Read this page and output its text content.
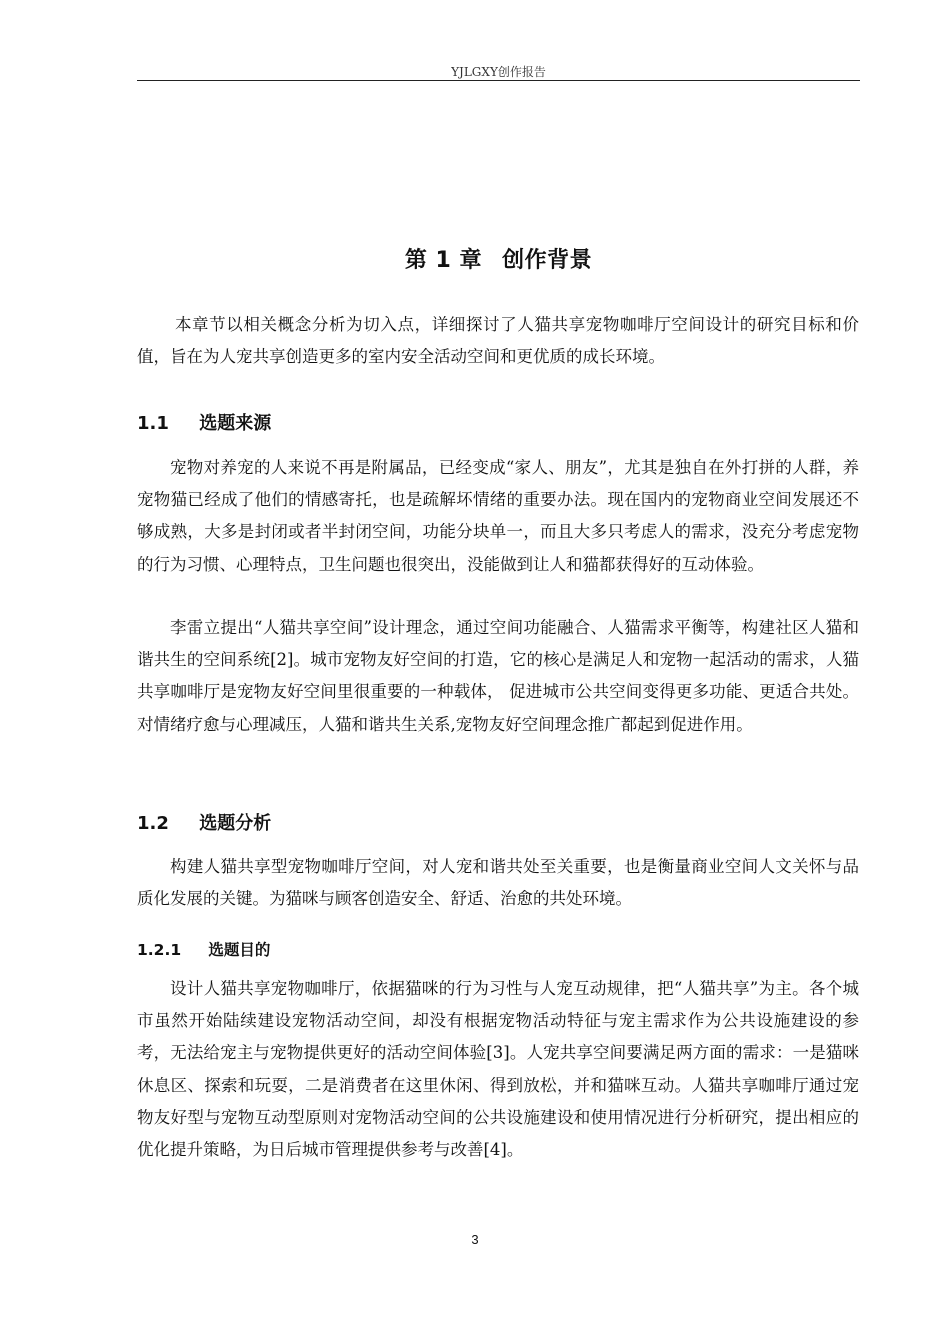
YJLGXY创作报告
第 1 章 创作背景

本章节以相关概念分析为切入点，详细探讨了人猫共享宠物咖啡厅空间设计的研究目标和价值，旨在为人宠共享创造更多的室内安全活动空间和更优质的成长环境。

1.1 选题来源

宠物对养宠的人来说不再是附属品，已经变成“家人、朋友”，尤其是独自在外打拼的人群，养宠物猫已经成了他们的情感寄托，也是疏解坏情绪的重要办法。现在国内的宠物商业空间发展还不够成熟，大多是封闭或者半封闭空间，功能分块单一，而且大多只考虑人的需求，没充分考虑宠物的行为习惯、心理特点，卫生问题也很突出，没能做到让人和猫都获得好的互动体验。

李雷立提出“人猫共享空间”设计理念，通过空间功能融合、人猫需求平衡等，构建社区人猫和谐共生的空间系统[2]。城市宠物友好空间的打造，它的核心是满足人和宠物一起活动的需求，人猫共享咖啡厅是宠物友好空间里很重要的一种载体， 促进城市公共空间变得更多功能、更适合共处。对情绪疗愈与心理减压，人猫和谐共生关系,宠物友好空间理念推广都起到促进作用。

1.2 选题分析

构建人猫共享型宠物咖啡厅空间，对人宠和谐共处至关重要，也是衡量商业空间人文关怀与品质化发展的关键。为猫咪与顾客创造安全、舒适、治愈的共处环境。

1.2.1 选题目的

设计人猫共享宠物咖啡厅，依据猫咪的行为习性与人宠互动规律，把“人猫共享”为主。各个城市虽然开始陆续建设宠物活动空间，却没有根据宠物活动特征与宠主需求作为公共设施建设的参考，无法给宠主与宠物提供更好的活动空间体验[3]。人宠共享空间要满足两方面的需求：一是猫咪休息区、探索和玩耍，二是消费者在这里休闲、得到放松，并和猫咪互动。人猫共享咖啡厅通过宠物友好型与宠物互动型原则对宠物活动空间的公共设施建设和使用情况进行分析研究，提出相应的优化提升策略，为日后城市管理提供参考与改善[4]。

3
